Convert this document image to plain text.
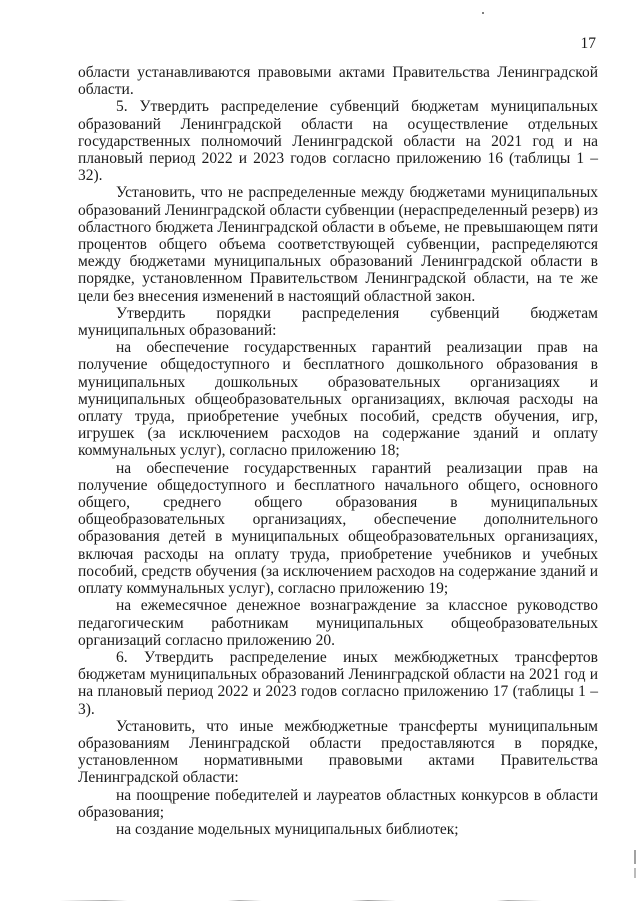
17

области устанавливаются правовыми актами Правительства Ленинградской области.

5. Утвердить распределение субвенций бюджетам муниципальных образований Ленинградской области на осуществление отдельных государственных полномочий Ленинградской области на 2021 год и на плановый период 2022 и 2023 годов согласно приложению 16 (таблицы 1 – 32).

Установить, что не распределенные между бюджетами муниципальных образований Ленинградской области субвенции (нераспределенный резерв) из областного бюджета Ленинградской области в объеме, не превышающем пяти процентов общего объема соответствующей субвенции, распределяются между бюджетами муниципальных образований Ленинградской области в порядке, установленном Правительством Ленинградской области, на те же цели без внесения изменений в настоящий областной закон.

Утвердить порядки распределения субвенций бюджетам муниципальных образований:

на обеспечение государственных гарантий реализации прав на получение общедоступного и бесплатного дошкольного образования в муниципальных дошкольных образовательных организациях и муниципальных общеобразовательных организациях, включая расходы на оплату труда, приобретение учебных пособий, средств обучения, игр, игрушек (за исключением расходов на содержание зданий и оплату коммунальных услуг), согласно приложению 18;

на обеспечение государственных гарантий реализации прав на получение общедоступного и бесплатного начального общего, основного общего, среднего общего образования в муниципальных общеобразовательных организациях, обеспечение дополнительного образования детей в муниципальных общеобразовательных организациях, включая расходы на оплату труда, приобретение учебников и учебных пособий, средств обучения (за исключением расходов на содержание зданий и оплату коммунальных услуг), согласно приложению 19;

на ежемесячное денежное вознаграждение за классное руководство педагогическим работникам муниципальных общеобразовательных организаций согласно приложению 20.

6. Утвердить распределение иных межбюджетных трансфертов бюджетам муниципальных образований Ленинградской области на 2021 год и на плановый период 2022 и 2023 годов согласно приложению 17 (таблицы 1 – 3).

Установить, что иные межбюджетные трансферты муниципальным образованиям Ленинградской области предоставляются в порядке, установленном нормативными правовыми актами Правительства Ленинградской области:

на поощрение победителей и лауреатов областных конкурсов в области образования;

на создание модельных муниципальных библиотек;
